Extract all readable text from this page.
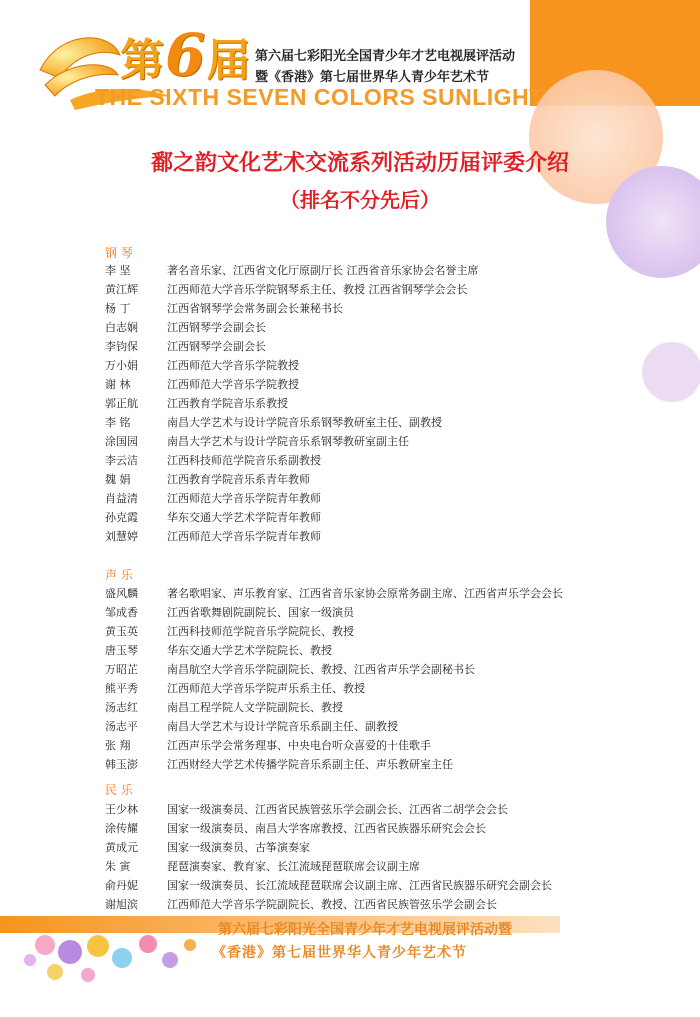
第6届 第六届七彩阳光全国青少年才艺电视展评活动
暨《香港》第七届世界华人青少年艺术节
THE SIXTH SEVEN COLORS SUNLIGHT
鄱之韵文化艺术交流系列活动历届评委介绍
（排名不分先后）
钢 琴
李 坚	著名音乐家、江西省文化厅原副厅长 江西省音乐家协会名誉主席
黄江辉	江西师范大学音乐学院钢琴系主任、教授 江西省钢琴学会会长
杨 丁	江西省钢琴学会常务副会长兼秘书长
白志娴	江西钢琴学会副会长
李钧保	江西钢琴学会副会长
万小娟	江西师范大学音乐学院教授
谢 林	江西师范大学音乐学院教授
郭正航	江西教育学院音乐系教授
李 铭	南昌大学艺术与设计学院音乐系钢琴教研室主任、副教授
涂国园	南昌大学艺术与设计学院音乐系钢琴教研室副主任
李云洁	江西科技师范学院音乐系副教授
魏 娟	江西教育学院音乐系青年教师
肖益清	江西师范大学音乐学院青年教师
孙克霞	华东交通大学艺术学院青年教师
刘慧婷	江西师范大学音乐学院青年教师
声 乐
盛风麟	著名歌唱家、声乐教育家、江西省音乐家协会原常务副主席、江西省声乐学会会长
邹成香	江西省歌舞剧院副院长、国家一级演员
黄玉英	江西科技师范学院音乐学院院长、教授
唐玉琴	华东交通大学艺术学院院长、教授
万昭芷	南昌航空大学音乐学院副院长、教授、江西省声乐学会副秘书长
熊平秀	江西师范大学音乐学院声乐系主任、教授
汤志红	南昌工程学院人文学院副院长、教授
汤志平	南昌大学艺术与设计学院音乐系副主任、副教授
张 翔	江西声乐学会常务理事、中央电台听众喜爱的十佳歌手
韩玉澎	江西财经大学艺术传播学院音乐系副主任、声乐教研室主任
民 乐
王少林	国家一级演奏员、江西省民族管弦乐学会副会长、江西省二胡学会会长
涂传耀	国家一级演奏员、南昌大学客席教授、江西省民族器乐研究会会长
黄成元	国家一级演奏员、古筝演奏家
朱 寅	琵琶演奏家、教育家、长江流域琵琶联席会议副主席
俞丹妮	国家一级演奏员、长江流域琵琶联席会议副主席、江西省民族器乐研究会副会长
谢旭滨	江西师范大学音乐学院副院长、教授、江西省民族管弦乐学会副会长
第六届七彩阳光全国青少年才艺电视展评活动暨
《香港》第七届世界华人青少年艺术节
